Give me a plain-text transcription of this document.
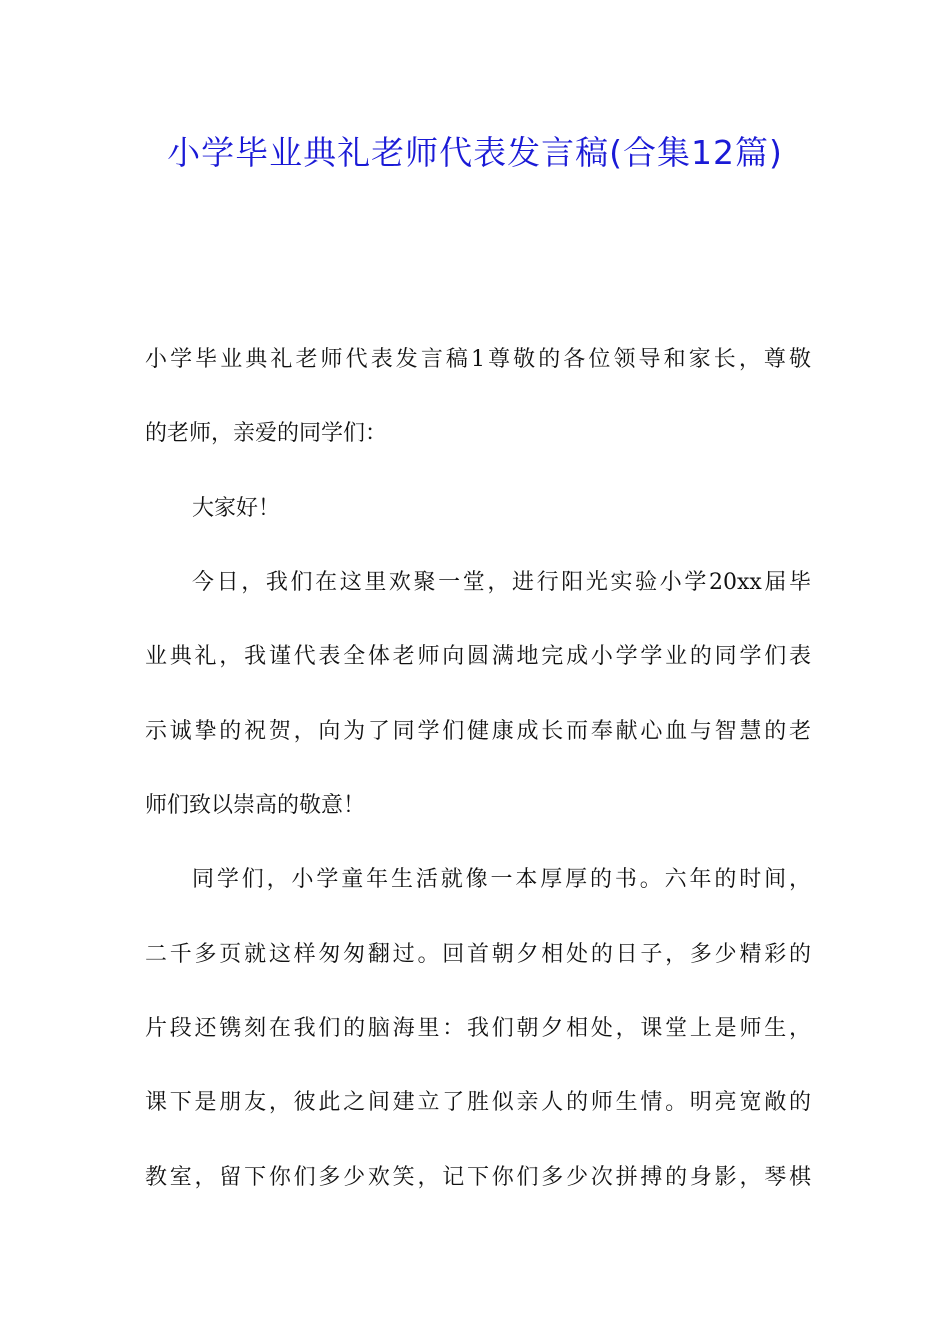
小学毕业典礼老师代表发言稿(合集12篇)
小学毕业典礼老师代表发言稿1尊敬的各位领导和家长，尊敬
的老师，亲爱的同学们：
大家好！
今日，我们在这里欢聚一堂，进行阳光实验小学20xx届毕
业典礼，我谨代表全体老师向圆满地完成小学学业的同学们表
示诚挚的祝贺，向为了同学们健康成长而奉献心血与智慧的老
师们致以崇高的敬意！
同学们，小学童年生活就像一本厚厚的书。六年的时间，
二千多页就这样匆匆翻过。回首朝夕相处的日子，多少精彩的
片段还镌刻在我们的脑海里：我们朝夕相处，课堂上是师生，
课下是朋友，彼此之间建立了胜似亲人的师生情。明亮宽敞的
教室，留下你们多少欢笑，记下你们多少次拼搏的身影，琴棋
